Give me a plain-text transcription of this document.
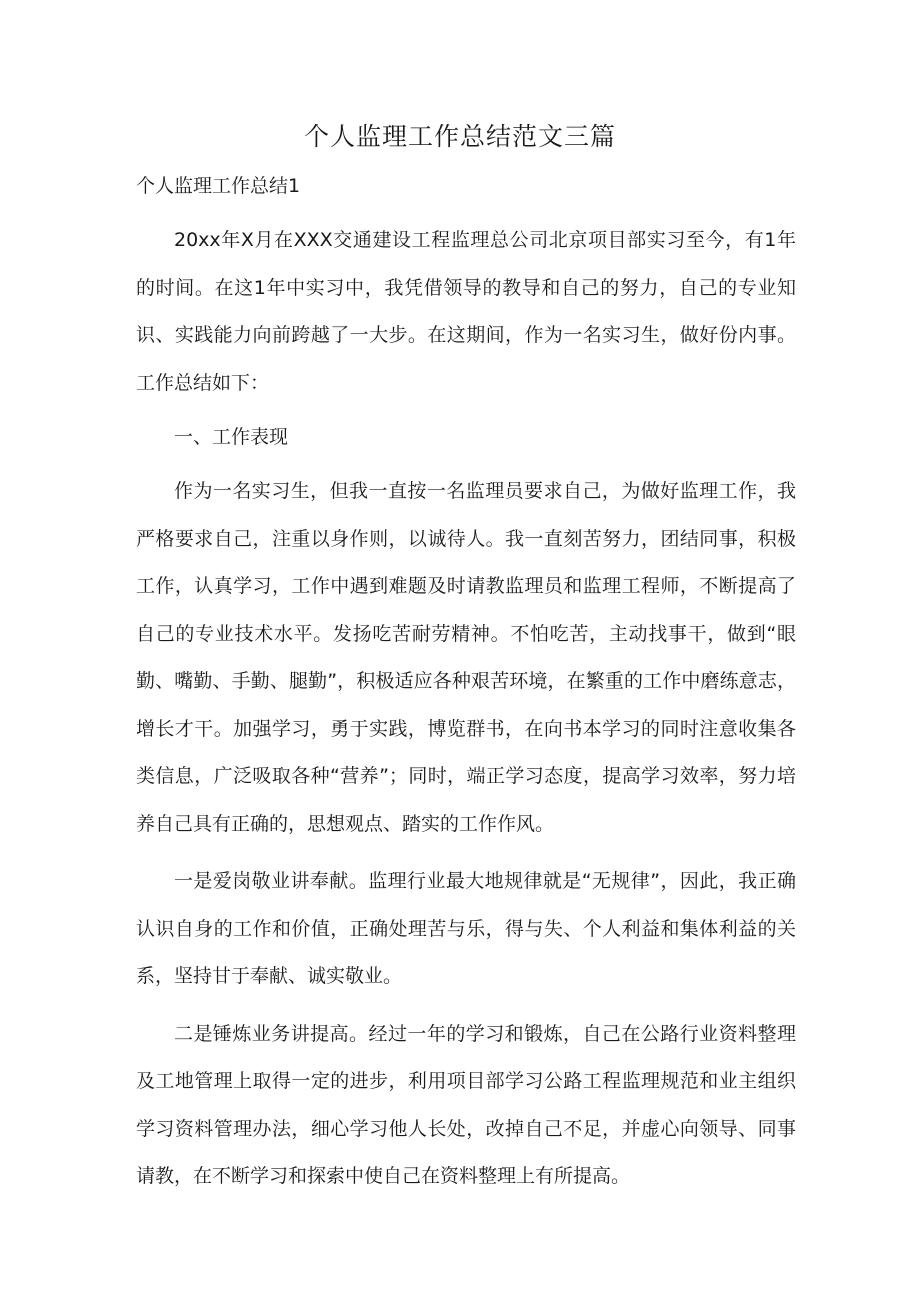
个人监理工作总结范文三篇

个人监理工作总结1

20xx年X月在XXX交通建设工程监理总公司北京项目部实习至今，有1年的时间。在这1年中实习中，我凭借领导的教导和自己的努力，自己的专业知识、实践能力向前跨越了一大步。在这期间，作为一名实习生，做好份内事。工作总结如下：

一、工作表现

作为一名实习生，但我一直按一名监理员要求自己，为做好监理工作，我严格要求自己，注重以身作则，以诚待人。我一直刻苦努力，团结同事，积极工作，认真学习，工作中遇到难题及时请教监理员和监理工程师，不断提高了自己的专业技术水平。发扬吃苦耐劳精神。不怕吃苦，主动找事干，做到“眼勤、嘴勤、手勤、腿勤”，积极适应各种艰苦环境，在繁重的工作中磨练意志，增长才干。加强学习，勇于实践，博览群书，在向书本学习的同时注意收集各类信息，广泛吸取各种“营养”；同时，端正学习态度，提高学习效率，努力培养自己具有正确的，思想观点、踏实的工作作风。

一是爱岗敬业讲奉献。监理行业最大地规律就是“无规律”，因此，我正确认识自身的工作和价值，正确处理苦与乐，得与失、个人利益和集体利益的关系，坚持甘于奉献、诚实敬业。

二是锤炼业务讲提高。经过一年的学习和锻炼，自己在公路行业资料整理及工地管理上取得一定的进步，利用项目部学习公路工程监理规范和业主组织学习资料管理办法，细心学习他人长处，改掉自己不足，并虚心向领导、同事请教，在不断学习和探索中使自己在资料整理上有所提高。
